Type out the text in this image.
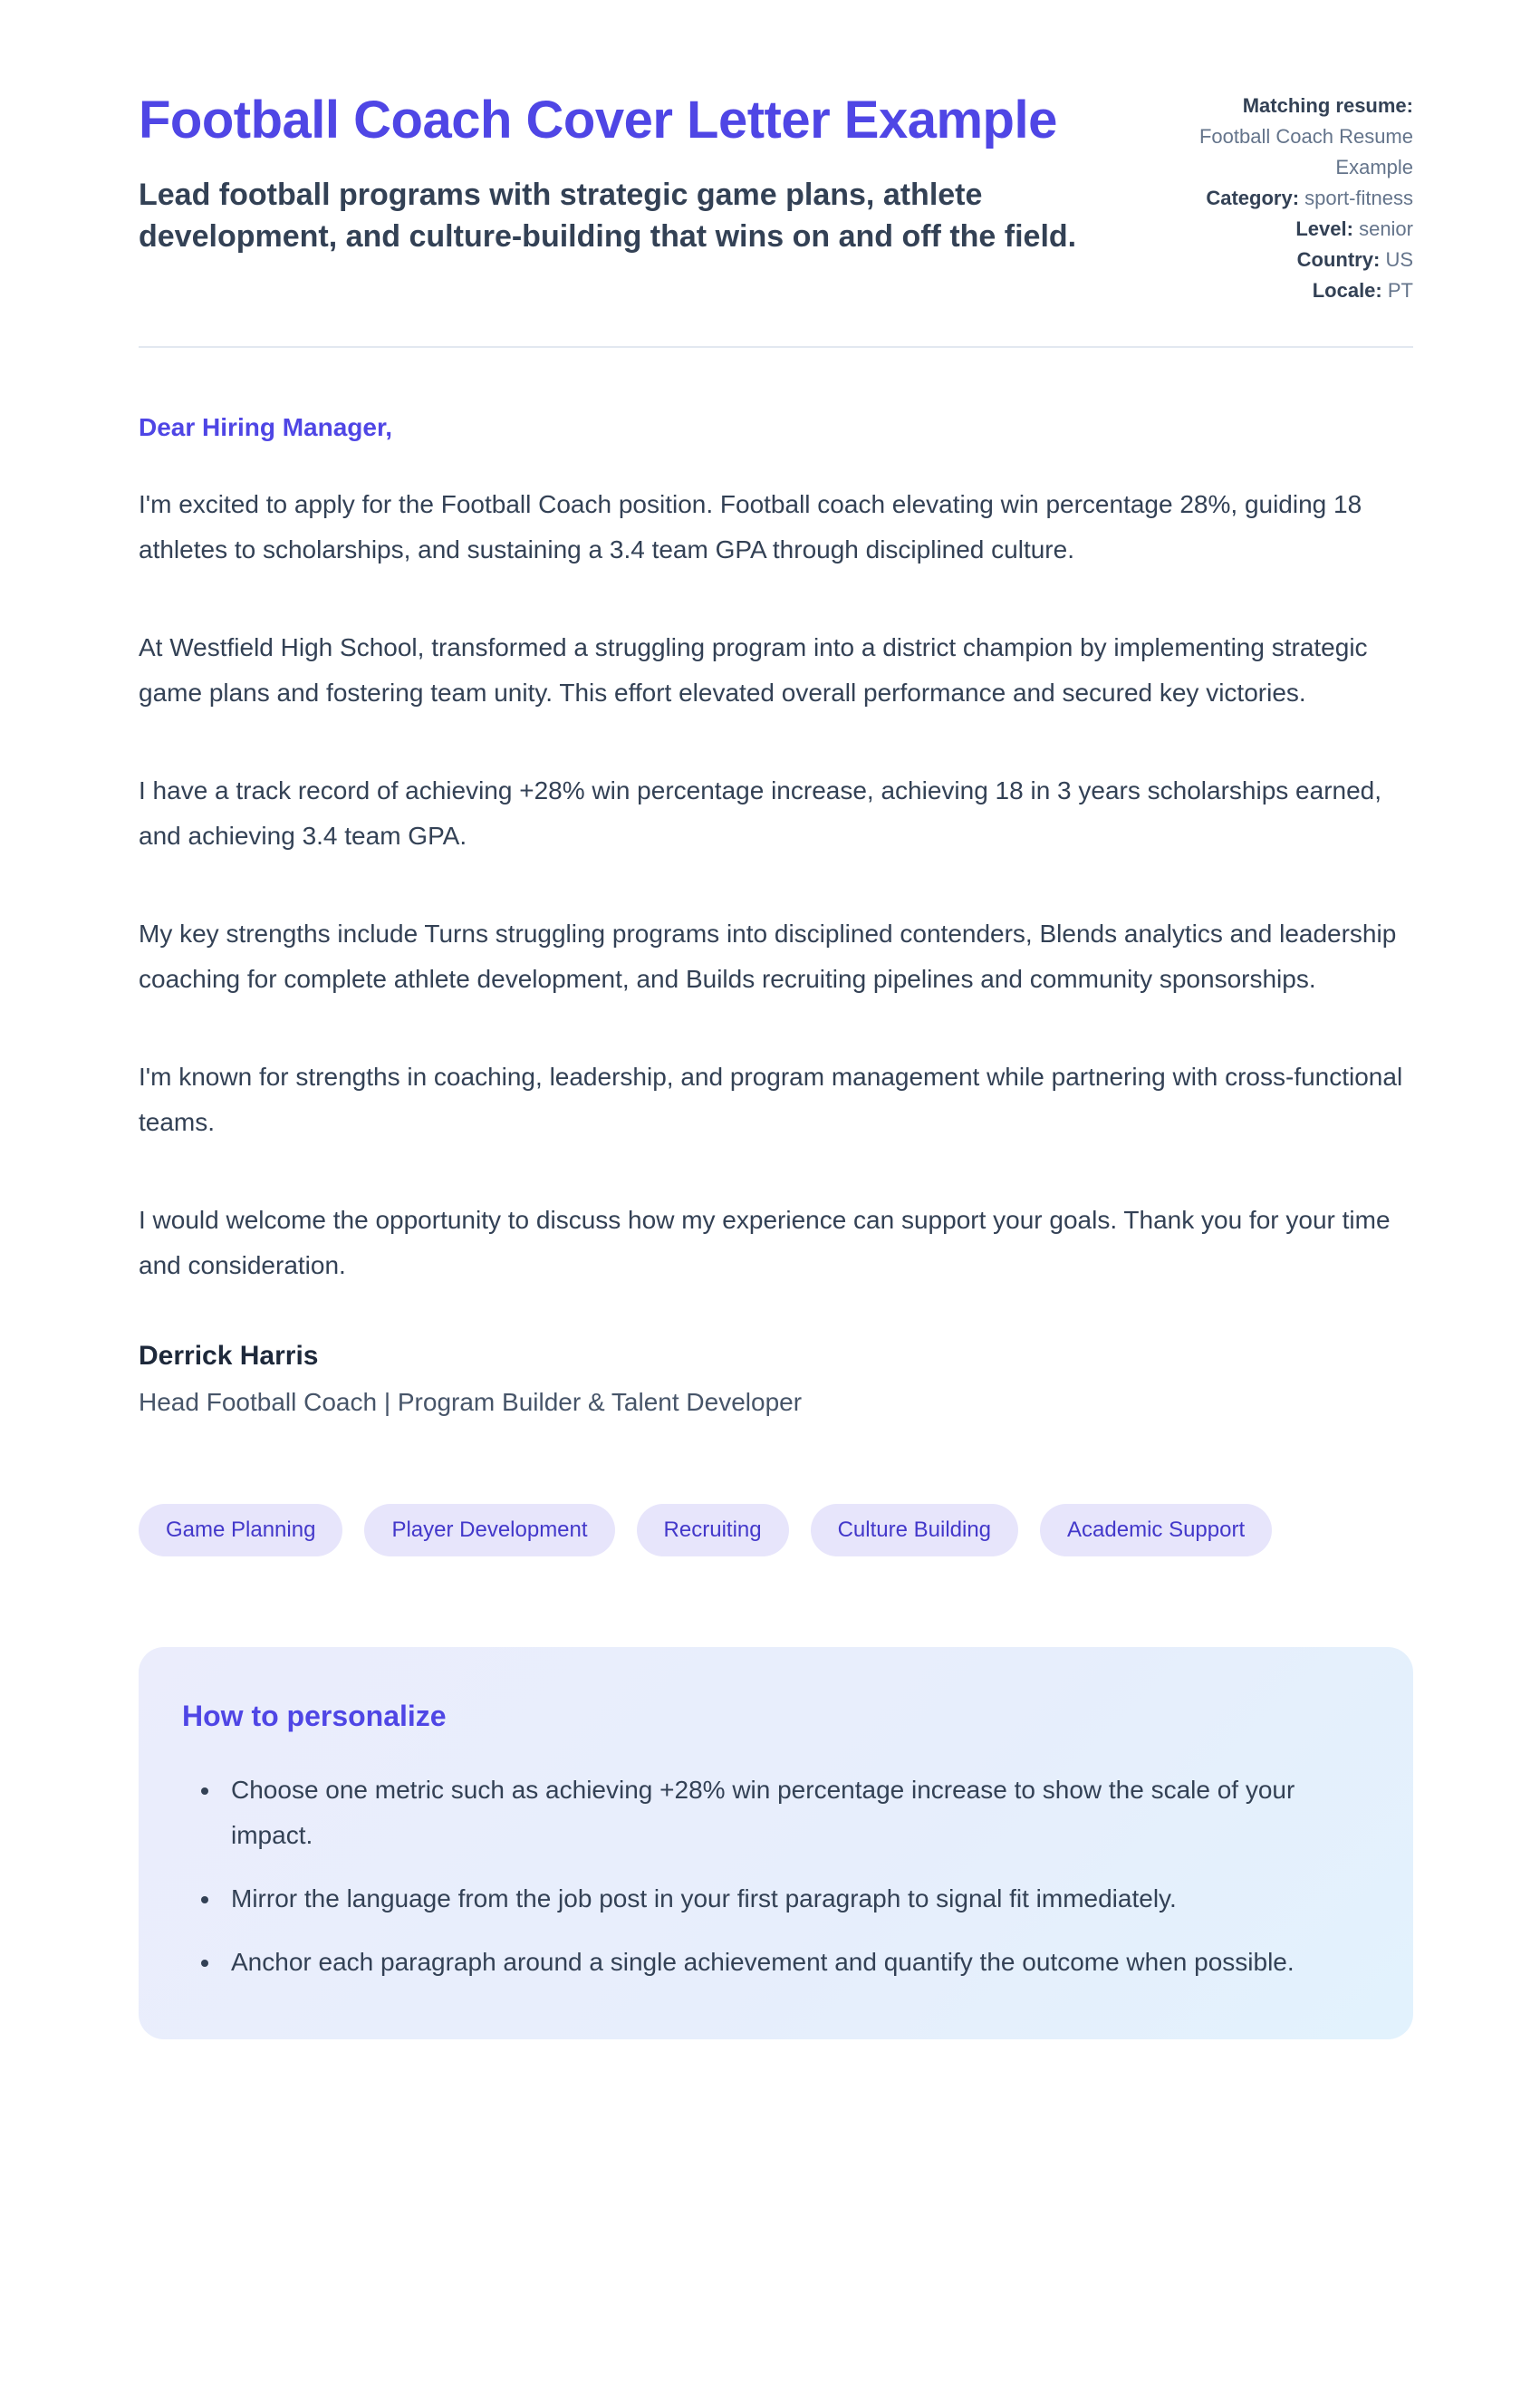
Football Coach Cover Letter Example

Lead football programs with strategic game plans, athlete development, and culture-building that wins on and off the field.

Matching resume:

Football Coach Resume Example

Category: sport-fitness

Level: senior

Country: US

Locale: PT

Dear Hiring Manager,

I'm excited to apply for the Football Coach position. Football coach elevating win percentage 28%, guiding 18 athletes to scholarships, and sustaining a 3.4 team GPA through disciplined culture.

At Westfield High School, transformed a struggling program into a district champion by implementing strategic game plans and fostering team unity. This effort elevated overall performance and secured key victories.

I have a track record of achieving +28% win percentage increase, achieving 18 in 3 years scholarships earned, and achieving 3.4 team GPA.

My key strengths include Turns struggling programs into disciplined contenders, Blends analytics and leadership coaching for complete athlete development, and Builds recruiting pipelines and community sponsorships.

I'm known for strengths in coaching, leadership, and program management while partnering with cross-functional teams.

I would welcome the opportunity to discuss how my experience can support your goals. Thank you for your time and consideration.

Derrick Harris

Head Football Coach | Program Builder & Talent Developer

Game Planning	Player Development	Recruiting	Culture Building	Academic Support
How to personalize
• Choose one metric such as achieving +28% win percentage increase to show the scale of your impact.
• Mirror the language from the job post in your first paragraph to signal fit immediately.
• Anchor each paragraph around a single achievement and quantify the outcome when possible.
